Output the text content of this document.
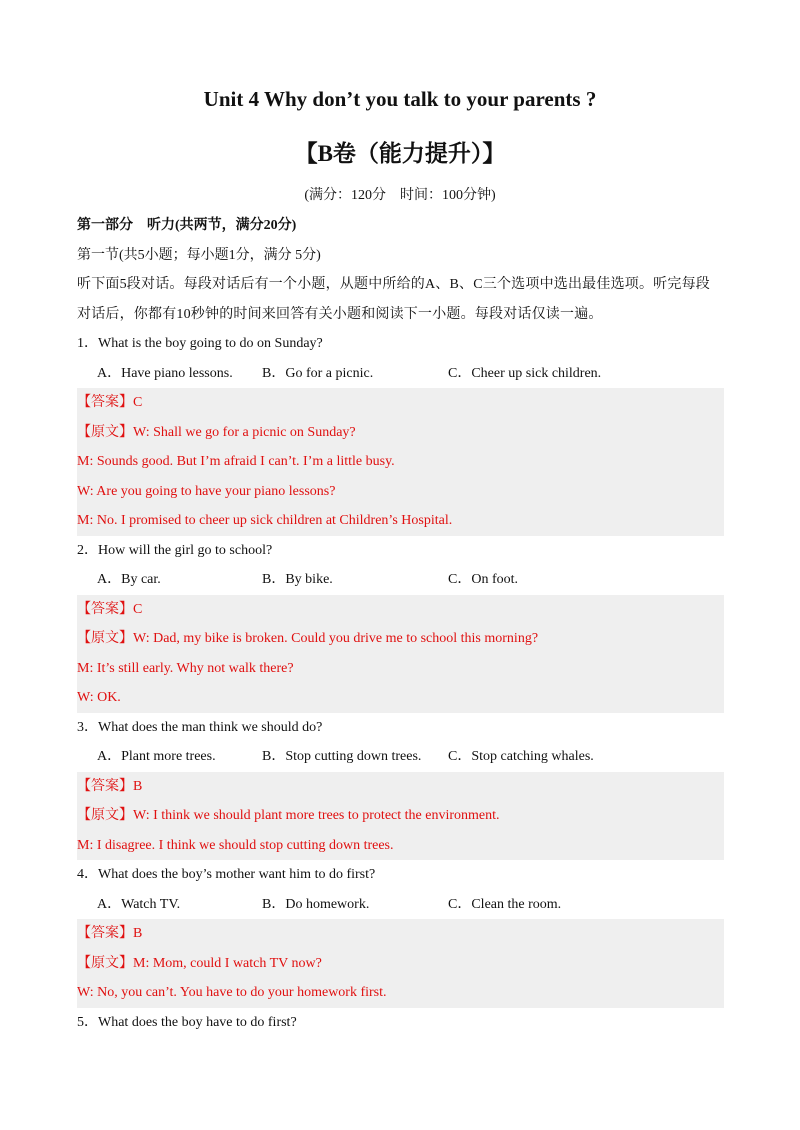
Unit 4 Why don’t you talk to your parents ?
【B卷（能力提升）】
(满分：120分　时间：100分钟)
第一部分　听力(共两节，满分20分)
第一节(共5小题；每小题1分，满分 5分)
听下面5段对话。每段对话后有一个小题，从题中所给的A、B、C三个选项中选出最佳选项。听完每段对话后，你都有10秒钟的时间来回答有关小题和阅读下一小题。每段对话仅读一遍。
1．What is the boy going to do on Sunday?
A．Have piano lessons.	B．Go for a picnic.	C．Cheer up sick children.
【答案】C
【原文】W: Shall we go for a picnic on Sunday?
M: Sounds good. But I’m afraid I can’t. I’m a little busy.
W: Are you going to have your piano lessons?
M: No. I promised to cheer up sick children at Children’s Hospital.
2．How will the girl go to school?
A．By car.	B．By bike.	C．On foot.
【答案】C
【原文】W: Dad, my bike is broken. Could you drive me to school this morning?
M: It’s still early. Why not walk there?
W: OK.
3．What does the man think we should do?
A．Plant more trees.	B．Stop cutting down trees.	C．Stop catching whales.
【答案】B
【原文】W: I think we should plant more trees to protect the environment.
M: I disagree. I think we should stop cutting down trees.
4．What does the boy’s mother want him to do first?
A．Watch TV.	B．Do homework.	C．Clean the room.
【答案】B
【原文】M: Mom, could I watch TV now?
W: No, you can’t. You have to do your homework first.
5．What does the boy have to do first?
